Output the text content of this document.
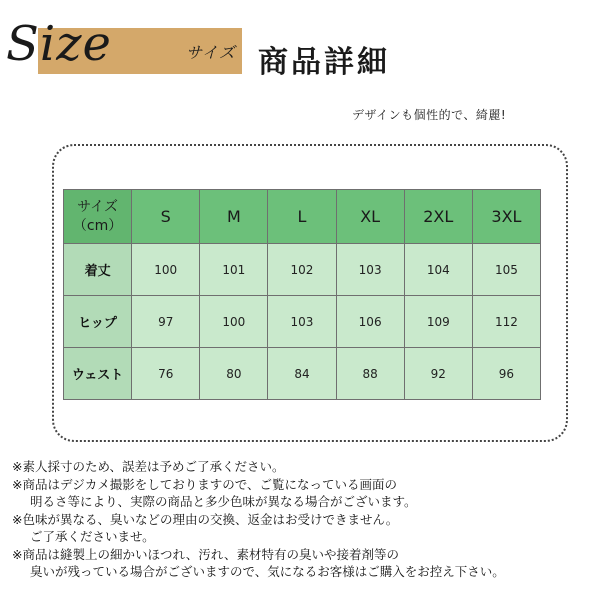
Size	サイズ 商品詳細
デザインも個性的で、綺麗!
サイズ
（cm）	S	M	L	XL	2XL	3XL
着丈	100	101	102	103	104	105
ヒップ	97	100	103	106	109	112
ウェスト	76	80	84	88	92	96
※素人採寸のため、誤差は予めご了承ください。
※商品はデジカメ撮影をしておりますので、ご覧になっている画面の
明るさ等により、実際の商品と多少色味が異なる場合がございます。
※色味が異なる、臭いなどの理由の交換、返金はお受けできません。
ご了承くださいませ。
※商品は縫製上の細かいほつれ、汚れ、素材特有の臭いや接着剤等の
臭いが残っている場合がございますので、気になるお客様はご購入をお控え下さい。
